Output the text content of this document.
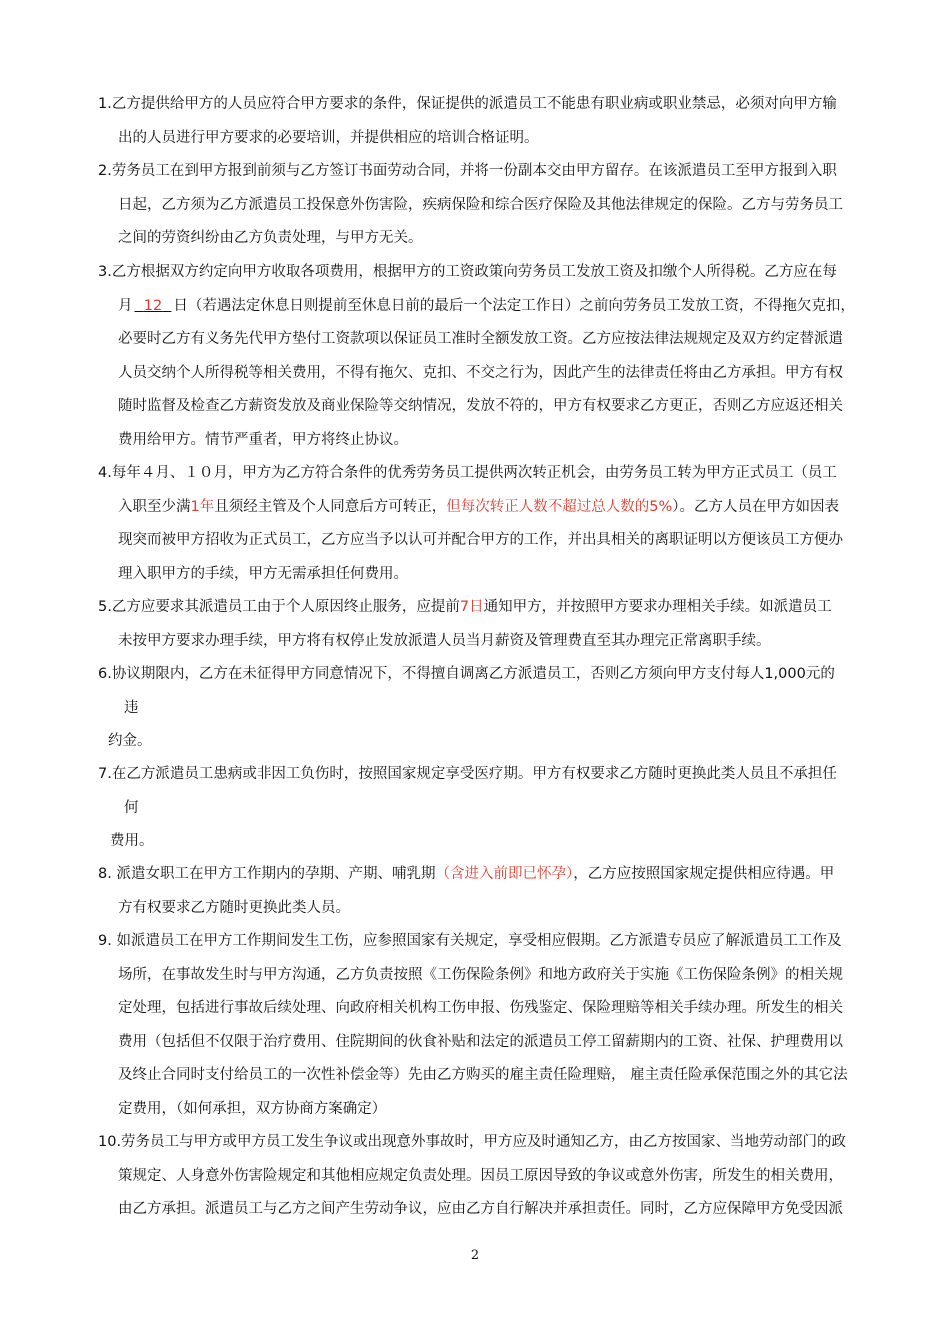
1.乙方提供给甲方的人员应符合甲方要求的条件，保证提供的派遣员工不能患有职业病或职业禁忌，必须对向甲方输
出的人员进行甲方要求的必要培训，并提供相应的培训合格证明。
2.劳务员工在到甲方报到前须与乙方签订书面劳动合同，并将一份副本交由甲方留存。在该派遣员工至甲方报到入职
日起，乙方须为乙方派遣员工投保意外伤害险，疾病保险和综合医疗保险及其他法律规定的保险。乙方与劳务员工
之间的劳资纠纷由乙方负责处理，与甲方无关。
3.乙方根据双方约定向甲方收取各项费用，根据甲方的工资政策向劳务员工发放工资及扣缴个人所得税。乙方应在每
月 12 日（若遇法定休息日则提前至休息日前的最后一个法定工作日）之前向劳务员工发放工资，不得拖欠克扣，
必要时乙方有义务先代甲方垫付工资款项以保证员工准时全额发放工资。乙方应按法律法规规定及双方约定替派遣
人员交纳个人所得税等相关费用，不得有拖欠、克扣、不交之行为，因此产生的法律责任将由乙方承担。甲方有权
随时监督及检查乙方薪资发放及商业保险等交纳情况，发放不符的，甲方有权要求乙方更正，否则乙方应返还相关
费用给甲方。情节严重者，甲方将终止协议。
4.每年４月、１０月，甲方为乙方符合条件的优秀劳务员工提供两次转正机会，由劳务员工转为甲方正式员工（员工
入职至少满1年且须经主管及个人同意后方可转正，但每次转正人数不超过总人数的5%）。乙方人员在甲方如因表
现突而被甲方招收为正式员工，乙方应当予以认可并配合甲方的工作，并出具相关的离职证明以方便该员工方便办
理入职甲方的手续，甲方无需承担任何费用。
5.乙方应要求其派遣员工由于个人原因终止服务，应提前7日通知甲方，并按照甲方要求办理相关手续。如派遣员工
未按甲方要求办理手续，甲方将有权停止发放派遣人员当月薪资及管理费直至其办理完正常离职手续。
6.协议期限内，乙方在未征得甲方同意情况下，不得擅自调离乙方派遣员工，否则乙方须向甲方支付每人1,000元的
违
约金。
7.在乙方派遣员工患病或非因工负伤时，按照国家规定享受医疗期。甲方有权要求乙方随时更换此类人员且不承担任
何
费用。
8. 派遣女职工在甲方工作期内的孕期、产期、哺乳期（含进入前即已怀孕），乙方应按照国家规定提供相应待遇。甲
方有权要求乙方随时更换此类人员。
9. 如派遣员工在甲方工作期间发生工伤，应参照国家有关规定，享受相应假期。乙方派遣专员应了解派遣员工工作及
场所，在事故发生时与甲方沟通，乙方负责按照《工伤保险条例》和地方政府关于实施《工伤保险条例》的相关规
定处理，包括进行事故后续处理、向政府相关机构工伤申报、伤残鉴定、保险理赔等相关手续办理。所发生的相关
费用（包括但不仅限于治疗费用、住院期间的伙食补贴和法定的派遣员工停工留薪期内的工资、社保、护理费用以
及终止合同时支付给员工的一次性补偿金等）先由乙方购买的雇主责任险理赔， 雇主责任险承保范围之外的其它法
定费用，（如何承担，双方协商方案确定）
10.劳务员工与甲方或甲方员工发生争议或出现意外事故时，甲方应及时通知乙方，由乙方按国家、当地劳动部门的政
策规定、人身意外伤害险规定和其他相应规定负责处理。因员工原因导致的争议或意外伤害，所发生的相关费用，
由乙方承担。派遣员工与乙方之间产生劳动争议，应由乙方自行解决并承担责任。同时，乙方应保障甲方免受因派
2
